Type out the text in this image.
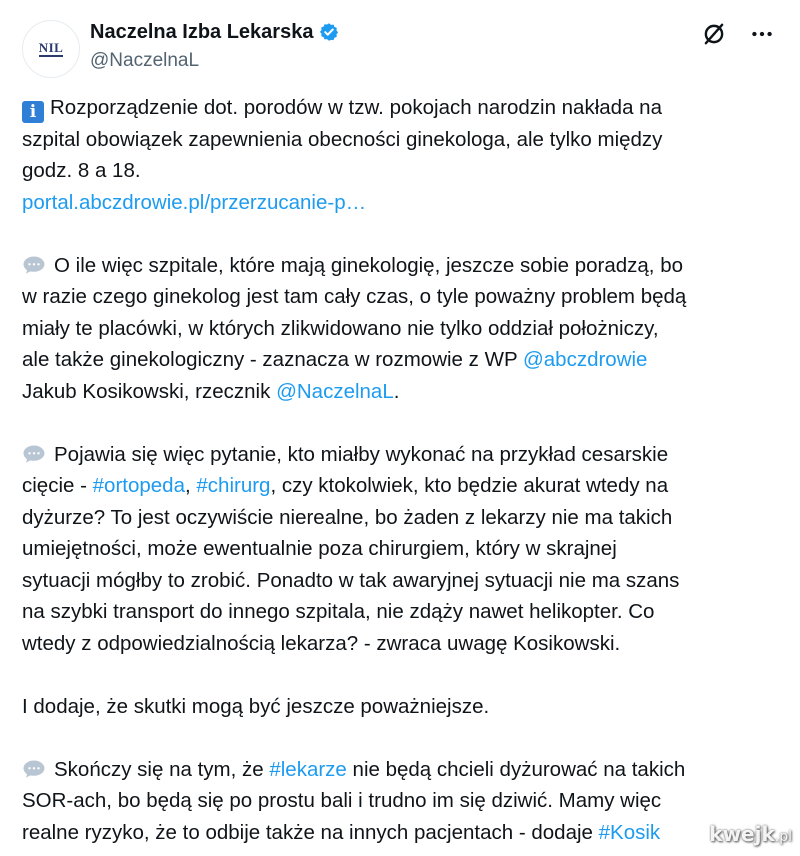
NIL
Naczelna Izba Lekarska
@NaczelnaL

i Rozporządzenie dot. porodów w tzw. pokojach narodzin nakłada na
szpital obowiązek zapewnienia obecności ginekologa, ale tylko między
godz. 8 a 18.
portal.abczdrowie.pl/przerzucanie-p…

O ile więc szpitale, które mają ginekologię, jeszcze sobie poradzą, bo
w razie czego ginekolog jest tam cały czas, o tyle poważny problem będą
miały te placówki, w których zlikwidowano nie tylko oddział położniczy,
ale także ginekologiczny - zaznacza w rozmowie z WP @abczdrowie
Jakub Kosikowski, rzecznik @NaczelnaL.

Pojawia się więc pytanie, kto miałby wykonać na przykład cesarskie
cięcie - #ortopeda, #chirurg, czy ktokolwiek, kto będzie akurat wtedy na
dyżurze? To jest oczywiście nierealne, bo żaden z lekarzy nie ma takich
umiejętności, może ewentualnie poza chirurgiem, który w skrajnej
sytuacji mógłby to zrobić. Ponadto w tak awaryjnej sytuacji nie ma szans
na szybki transport do innego szpitala, nie zdąży nawet helikopter. Co
wtedy z odpowiedzialnością lekarza? - zwraca uwagę Kosikowski.

I dodaje, że skutki mogą być jeszcze poważniejsze.

Skończy się na tym, że #lekarze nie będą chcieli dyżurować na takich
SOR-ach, bo będą się po prostu bali i trudno im się dziwić. Mamy więc
realne ryzyko, że to odbije także na innych pacjentach - dodaje #Kosik	kwejk.pl
